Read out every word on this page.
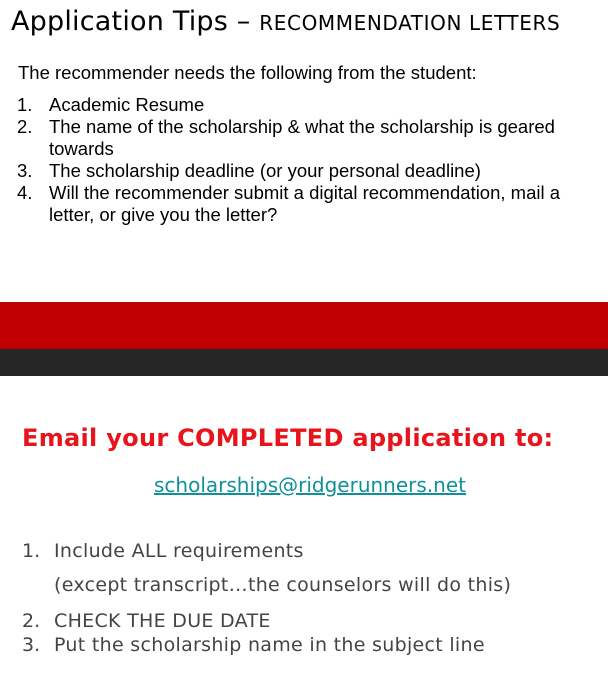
Application Tips – RECOMMENDATION LETTERS
The recommender needs the following from the student:
1. Academic Resume
2. The name of the scholarship & what the scholarship is geared towards
3. The scholarship deadline (or your personal deadline)
4. Will the recommender submit a digital recommendation, mail a letter, or give you the letter?
Email your COMPLETED application to:
scholarships@ridgerunners.net
1. Include ALL requirements
(except transcript…the counselors will do this)
2. CHECK THE DUE DATE
3. Put the scholarship name in the subject line
